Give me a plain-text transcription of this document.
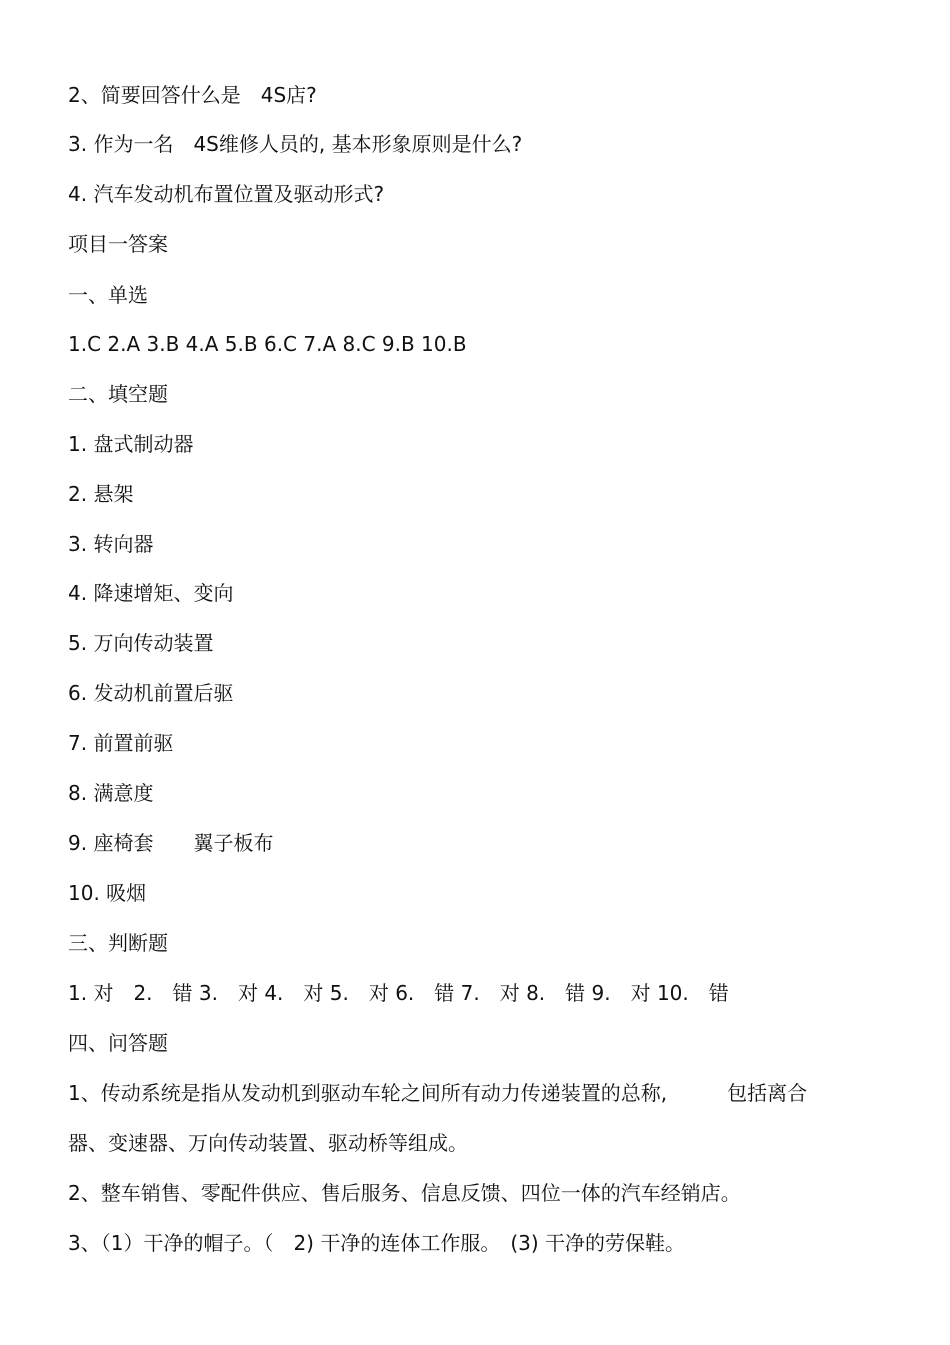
2、简要回答什么是　4S店?
3. 作为一名　4S维修人员的, 基本形象原则是什么?
4. 汽车发动机布置位置及驱动形式?
项目一答案
一、单选
1.C 2.A 3.B 4.A 5.B 6.C 7.A 8.C 9.B 10.B
二、填空题
1. 盘式制动器
2. 悬架
3. 转向器
4. 降速增矩、变向
5. 万向传动装置
6. 发动机前置后驱
7. 前置前驱
8. 满意度
9. 座椅套　　翼子板布
10. 吸烟
三、判断题
1. 对　2.　错 3.　对 4.　对 5.　对 6.　错 7.　对 8.　错 9.　对 10.　错
四、问答题
1、传动系统是指从发动机到驱动车轮之间所有动力传递装置的总称,　　　包括离合
器、变速器、万向传动装置、驱动桥等组成。
2、整车销售、零配件供应、售后服务、信息反馈、四位一体的汽车经销店。
3、（1）干净的帽子。（　2) 干净的连体工作服。　(3) 干净的劳保鞋。
